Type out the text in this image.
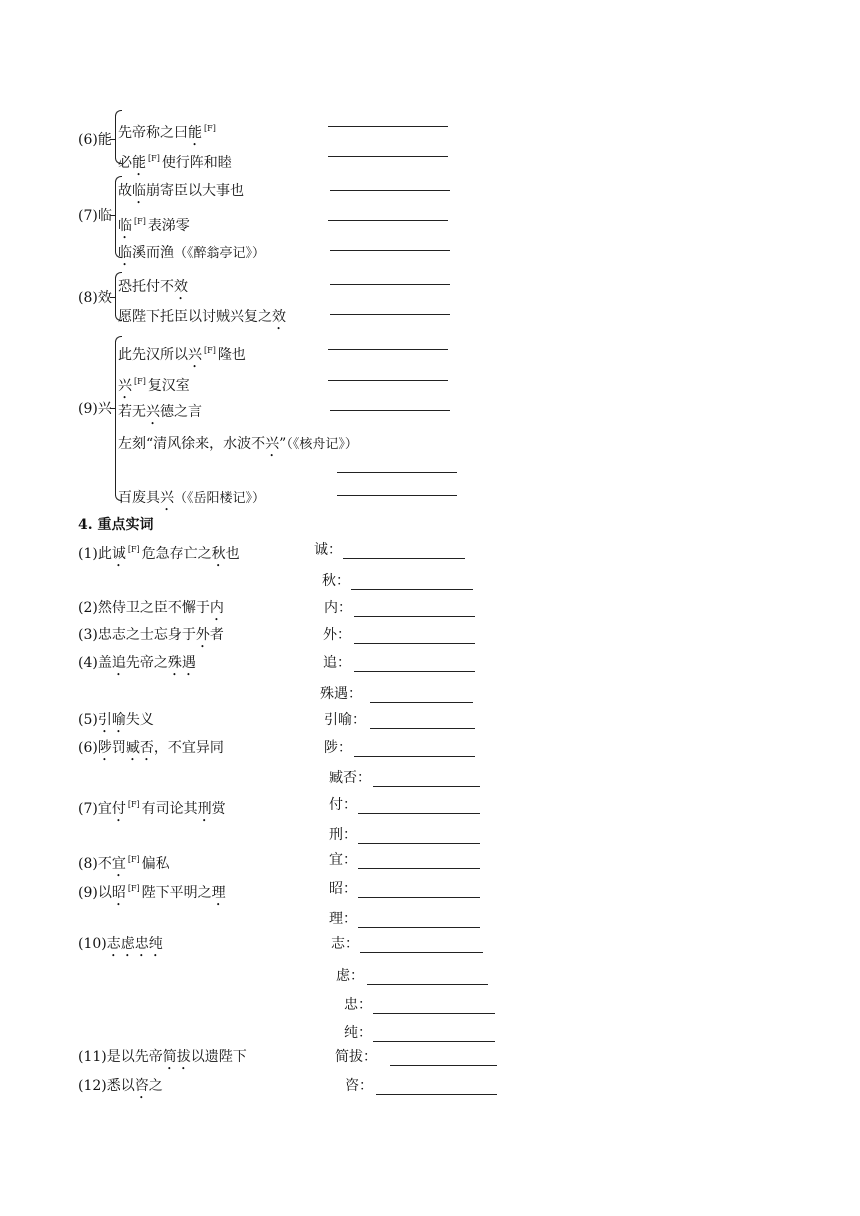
(6)能 先帝称之曰能 [F]
必能 [F] 使行阵和睦
(7)临
故临崩寄臣以大事也
临 [F] 表涕零
临溪而渔（《醉翁亭记》）
(8)效
恐托付不效
愿陛下托臣以讨贼兴复之效
(9)兴
此先汉所以兴 [F] 隆也
兴 [F] 复汉室
若无兴德之言
左刻“清风徐来，水波不兴”（《核舟记》）
百废具兴（《岳阳楼记》）
4. 重点实词
(1)此诚 [F] 危急存亡之秋也	诚：
秋：
(2)然侍卫之臣不懈于内	内：
(3)忠志之士忘身于外者	外：
(4)盖追先帝之殊遇	追：
殊遇：
(5)引喻失义	引喻：
(6)陟罚臧否，不宜异同	陟：
臧否：
(7)宜付 [F] 有司论其刑赏	付：
刑：
(8)不宜 [F] 偏私	宜：
(9)以昭 [F] 陛下平明之理	昭：
理：
(10)志虑忠纯	志：
虑：
忠：
纯：
(11)是以先帝简拔以遗陛下	简拔：
(12)悉以咨之	咨：
